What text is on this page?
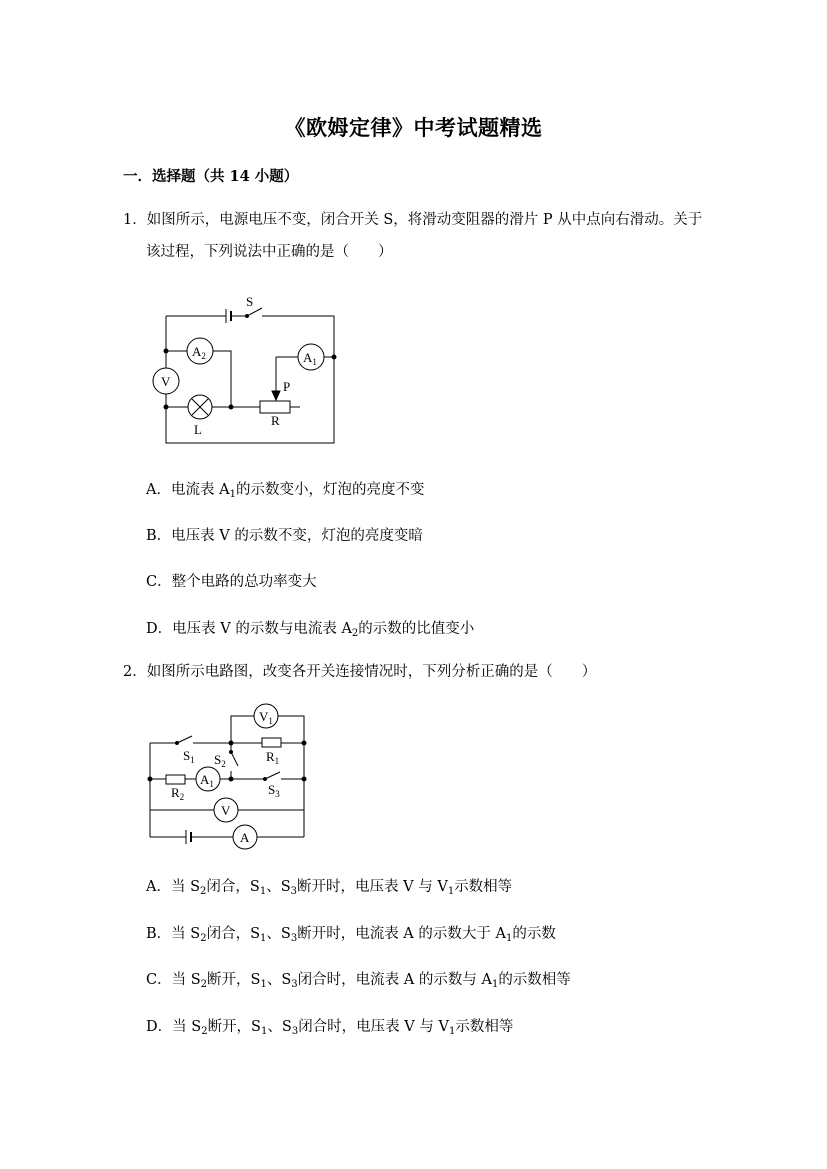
《欧姆定律》中考试题精选
一．选择题（共 14 小题）
1．如图所示，电源电压不变，闭合开关 S，将滑动变阻器的滑片 P 从中点向右滑动。关于
该过程，下列说法中正确的是（　　）
S
$A_2$
V
L
R
P
$A_1$
A．电流表 $A_1$的示数变小，灯泡的亮度不变
B．电压表 V 的示数不变，灯泡的亮度变暗
C．整个电路的总功率变大
D．电压表 V 的示数与电流表 $A_2$的示数的比值变小
2．如图所示电路图，改变各开关连接情况时，下列分析正确的是（　　）
$V_1$
$S_1$	$R_1$
$S_2$
$R_2$
$A_1$	$S_3$
V
A
A．当 $S_2$闭合，$S_1$、$S_3$断开时，电压表 V 与 $V_1$示数相等
B．当 $S_2$闭合，$S_1$、$S_3$断开时，电流表 A 的示数大于 $A_1$的示数
C．当 $S_2$断开，$S_1$、$S_3$闭合时，电流表 A 的示数与 $A_1$的示数相等
D．当 $S_2$断开，$S_1$、$S_3$闭合时，电压表 V 与 $V_1$示数相等
